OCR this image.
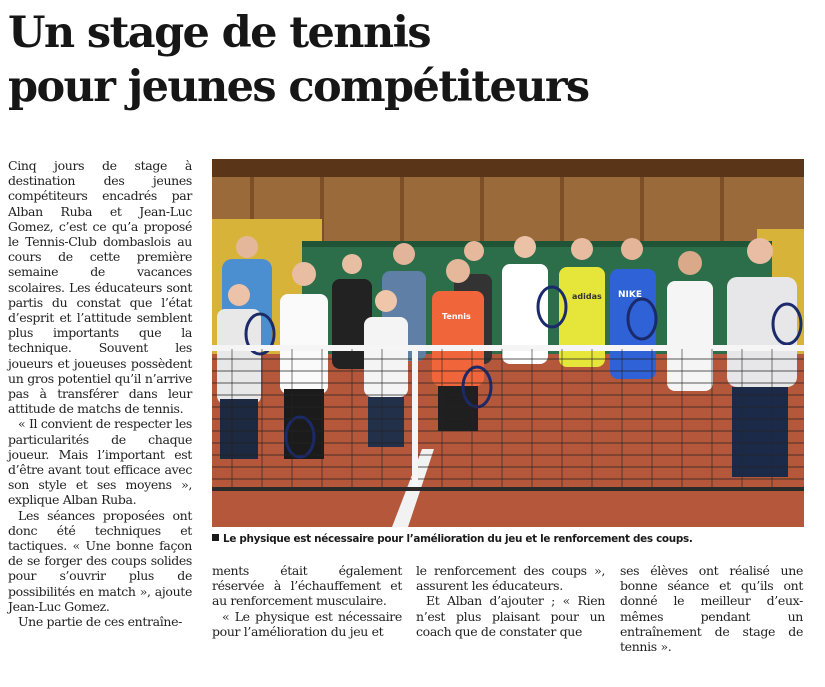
Un stage de tennis
pour jeunes compétiteurs

Cinq jours de stage à destination des jeunes compétiteurs encadrés par Alban Ruba et Jean-Luc Gomez, c’est ce qu’a proposé le Tennis-Club dombaslois au cours de cette première semaine de vacances scolaires. Les éducateurs sont partis du constat que l’état d’esprit et l’attitude semblent plus importants que la technique. Souvent les joueurs et joueuses possèdent un gros potentiel qu’il n’arrive pas à transférer dans leur attitude de matchs de tennis.

« Il convient de respecter les particularités de chaque joueur. Mais l’important est d’être avant tout efficace avec son style et ses moyens », explique Alban Ruba.

Les séances proposées ont donc été techniques et tactiques. « Une bonne façon de se forger des coups solides pour s’ouvrir plus de possibilités en match », ajoute Jean-Luc Gomez.

Une partie de ces entraîne-

NIKE
Tennis
adidas
Le physique est nécessaire pour l’amélioration du jeu et le renforcement des coups.

ments était également réservée à l’échauffement et au renforcement musculaire.

« Le physique est nécessaire pour l’amélioration du jeu et

le renforcement des coups », assurent les éducateurs.

Et Alban d’ajouter ; « Rien n’est plus plaisant pour un coach que de constater que

ses élèves ont réalisé une bonne séance et qu’ils ont donné le meilleur d’eux-mêmes pendant un entraînement de stage de tennis ».
